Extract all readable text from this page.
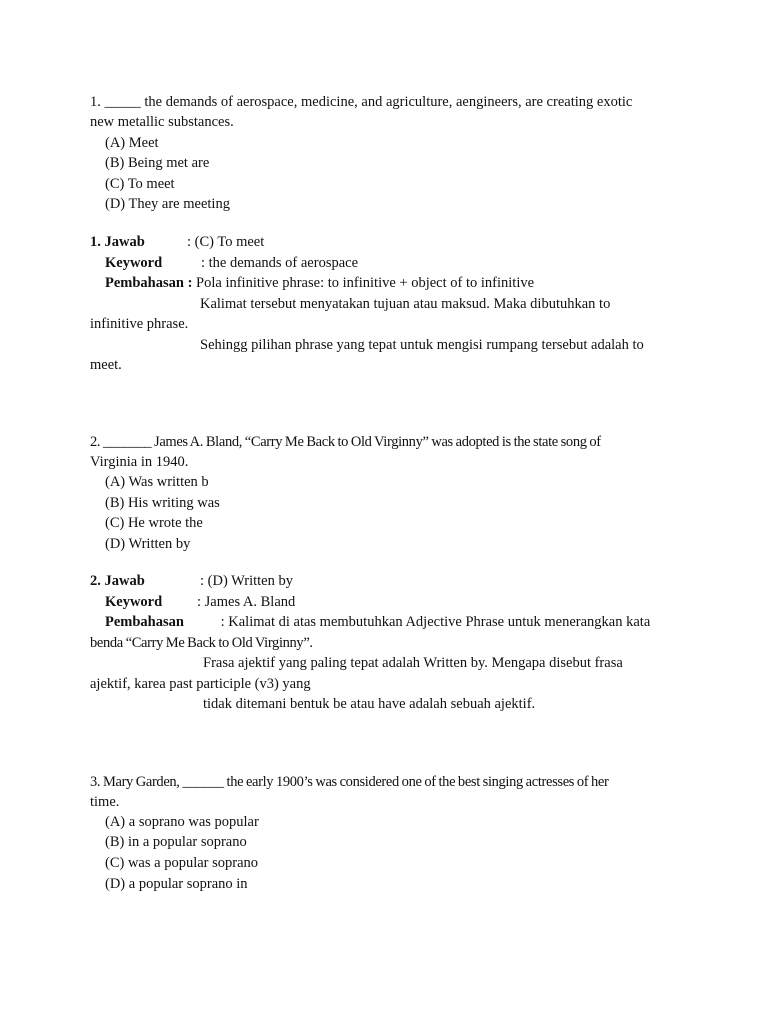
1. _____ the demands of aerospace, medicine, and agriculture, aengineers, are creating exotic
new metallic substances.
(A) Meet
(B) Being met are
(C) To meet
(D) They are meeting
1. Jawab	: (C) To meet
Keyword	: the demands of aerospace
Pembahasan : Pola infinitive phrase: to infinitive + object of to infinitive
Kalimat tersebut menyatakan tujuan atau maksud. Maka dibutuhkan to
infinitive phrase.
Sehingg pilihan phrase yang tepat untuk mengisi rumpang tersebut adalah to
meet.
2. _______ James A. Bland, “Carry Me Back to Old Virginny” was adopted is the state song of
Virginia in 1940.
(A) Was written b
(B) His writing was
(C) He wrote the
(D) Written by
2. Jawab	: (D) Written by
Keyword : James A. Bland
Pembahasan : Kalimat di atas membutuhkan Adjective Phrase untuk menerangkan kata
benda “Carry Me Back to Old Virginny”.
Frasa ajektif yang paling tepat adalah Written by. Mengapa disebut frasa
ajektif, karea past participle (v3) yang
tidak ditemani bentuk be atau have adalah sebuah ajektif.
3. Mary Garden, ______ the early 1900’s was considered one of the best singing actresses of her
time.
(A) a soprano was popular
(B) in a popular soprano
(C) was a popular soprano
(D) a popular soprano in
